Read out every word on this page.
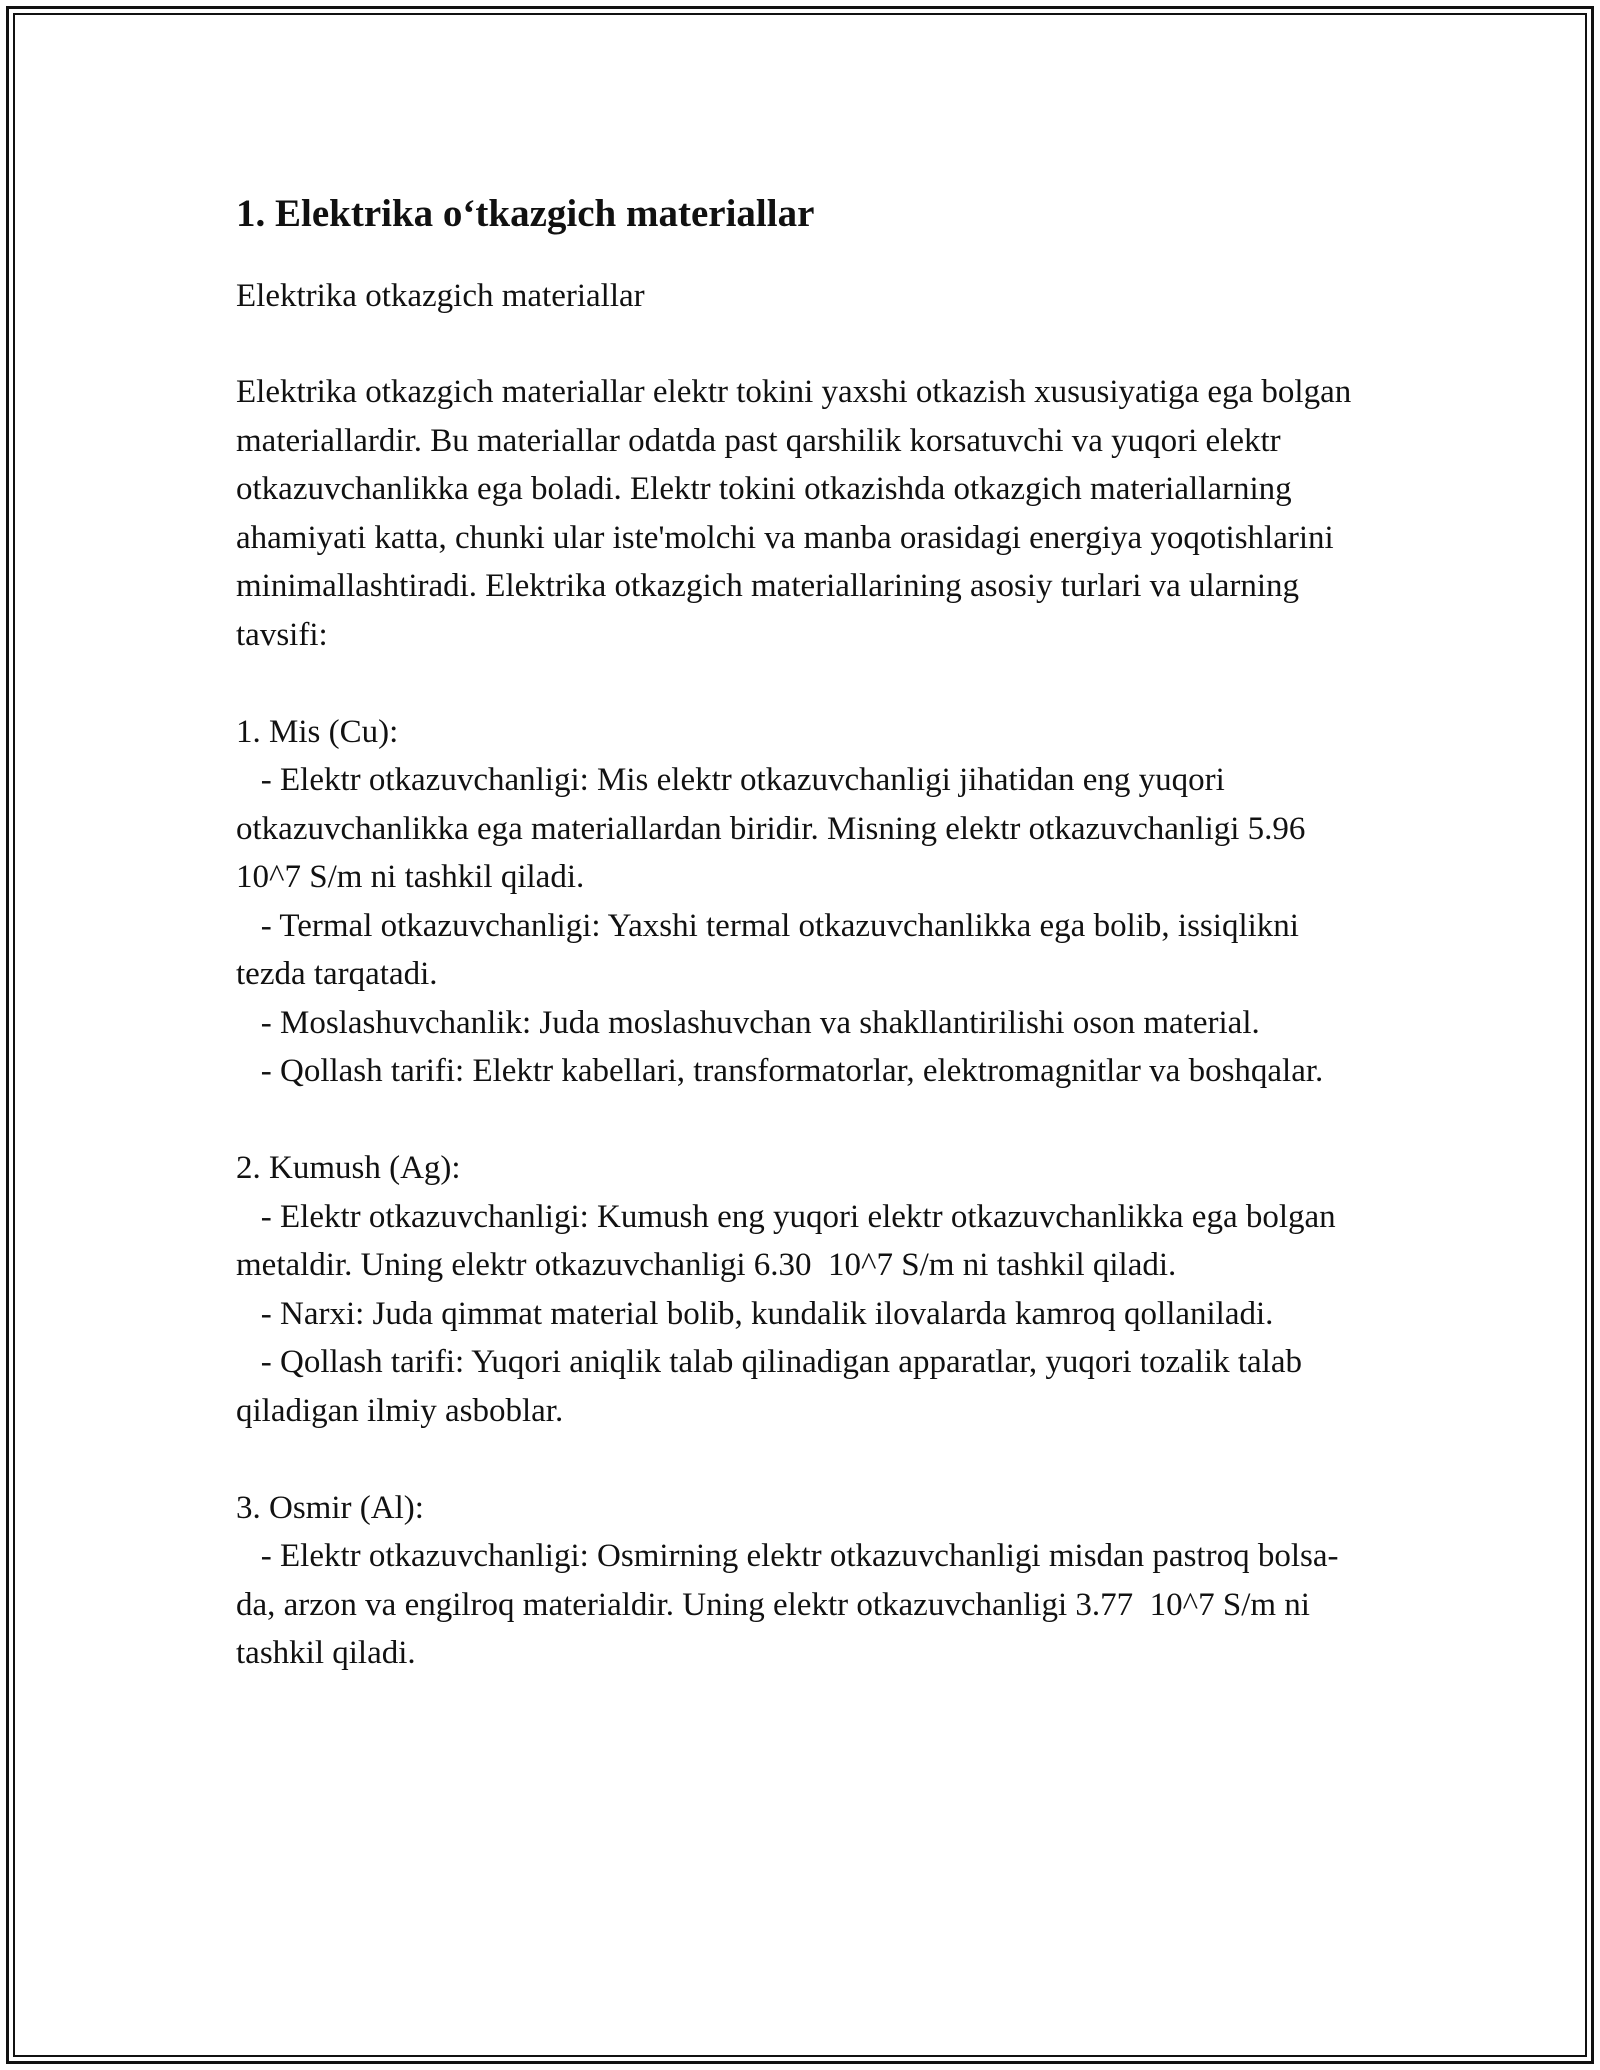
1. Elektrika o‘tkazgich materiallar

Elektrika otkazgich materiallar

Elektrika otkazgich materiallar elektr tokini yaxshi otkazish xususiyatiga ega bolgan materiallardir. Bu materiallar odatda past qarshilik korsatuvchi va yuqori elektr otkazuvchanlikka ega boladi. Elektr tokini otkazishda otkazgich materiallarning ahamiyati katta, chunki ular iste'molchi va manba orasidagi energiya yoqotishlarini minimallashtiradi. Elektrika otkazgich materiallarining asosiy turlari va ularning tavsifi:

1. Mis (Cu):

- Elektr otkazuvchanligi: Mis elektr otkazuvchanligi jihatidan eng yuqori otkazuvchanlikka ega materiallardan biridir. Misning elektr otkazuvchanligi 5.96  10^7 S/m ni tashkil qiladi.

- Termal otkazuvchanligi: Yaxshi termal otkazuvchanlikka ega bolib, issiqlikni tezda tarqatadi.

- Moslashuvchanlik: Juda moslashuvchan va shakllantirilishi oson material.

- Qollash tarifi: Elektr kabellari, transformatorlar, elektromagnitlar va boshqalar.

2. Kumush (Ag):

- Elektr otkazuvchanligi: Kumush eng yuqori elektr otkazuvchanlikka ega bolgan metaldir. Uning elektr otkazuvchanligi 6.30  10^7 S/m ni tashkil qiladi.

- Narxi: Juda qimmat material bolib, kundalik ilovalarda kamroq qollaniladi.

- Qollash tarifi: Yuqori aniqlik talab qilinadigan apparatlar, yuqori tozalik talab qiladigan ilmiy asboblar.

3. Osmir (Al):

- Elektr otkazuvchanligi: Osmirning elektr otkazuvchanligi misdan pastroq bolsa-da, arzon va engilroq materialdir. Uning elektr otkazuvchanligi 3.77  10^7 S/m ni tashkil qiladi.
